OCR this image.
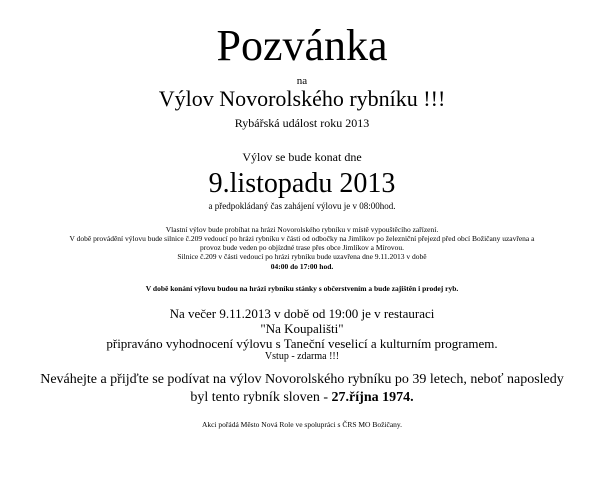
Pozvánka
na
Výlov Novorolského rybníku !!!
Rybářská událost roku 2013
Výlov se bude konat dne
9.listopadu 2013
a předpokládaný čas zahájení výlovu je v 08:00hod.
Vlastní výlov bude probíhat na hrázi Novorolského rybníku v místě vypouštěcího zařízení.
V době provádění výlovu bude silnice č.209 vedoucí po hrázi rybníku v části od odbočky na Jimlíkov po železniční přejezd před obcí Božičany uzavřena a
provoz bude veden po objízdné trase přes obce Jimlíkov a Mírovou.
Silnice č.209 v části vedoucí po hrázi rybníku bude uzavřena dne 9.11.2013 v době
04:00 do 17:00 hod.
V době konání výlovu budou na hrázi rybníku stánky s občerstvením a bude zajištěn i prodej ryb.
Na večer 9.11.2013 v době od 19:00 je v restauraci
"Na Koupališti"
připraváno vyhodnocení výlovu s Taneční veselicí a kulturním programem.
Vstup - zdarma !!!
Neváhejte a přijďte se podívat na výlov Novorolského rybníku po 39 letech, neboť naposledy
byl tento rybník sloven - 27.října 1974.
Akci pořádá Město Nová Role ve spolupráci s ČRS MO Božičany.
